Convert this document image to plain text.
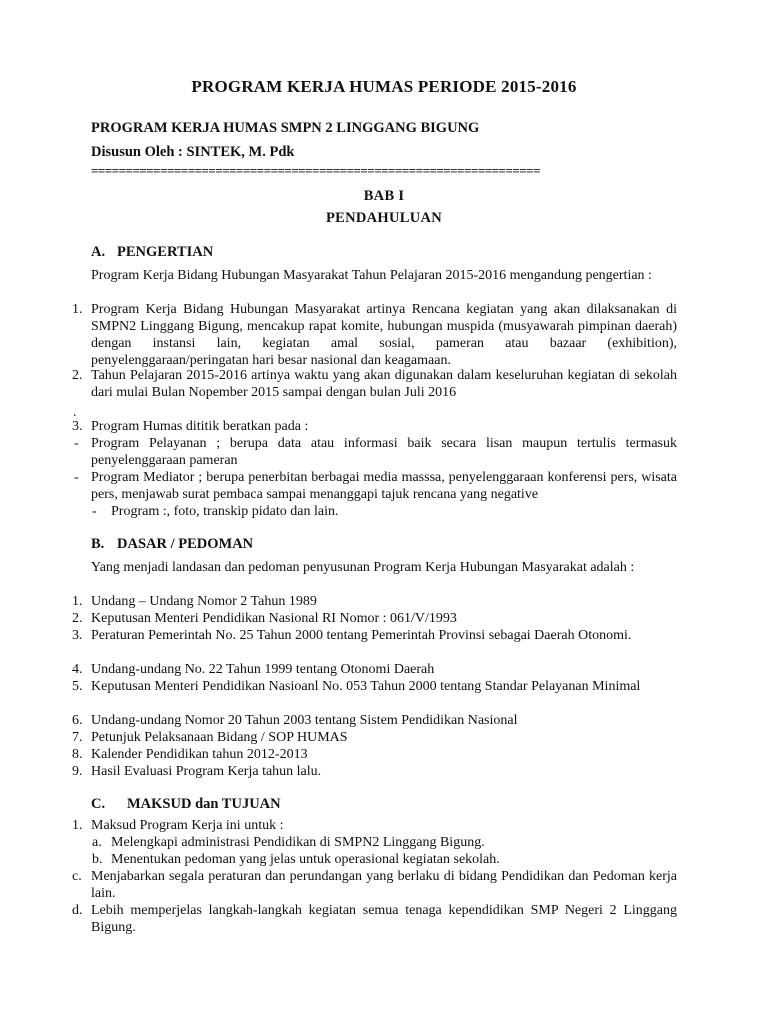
PROGRAM KERJA HUMAS PERIODE 2015-2016
PROGRAM KERJA HUMAS SMPN 2 LINGGANG BIGUNG
Disusun Oleh : SINTEK, M. Pdk
=================================================================
BAB I
PENDAHULUAN
A. PENGERTIAN
Program Kerja Bidang Hubungan Masyarakat Tahun Pelajaran 2015-2016 mengandung pengertian :
1. Program Kerja Bidang Hubungan Masyarakat artinya Rencana kegiatan yang akan dilaksanakan di SMPN2 Linggang Bigung, mencakup rapat komite, hubungan muspida (musyawarah pimpinan daerah) dengan instansi lain, kegiatan amal sosial, pameran atau bazaar (exhibition), penyelenggaraan/peringatan hari besar nasional dan keagamaan.
2. Tahun Pelajaran 2015-2016 artinya waktu yang akan digunakan dalam keseluruhan kegiatan di sekolah dari mulai Bulan Nopember 2015 sampai dengan bulan Juli 2016
.
3. Program Humas dititik beratkan pada :
- Program Pelayanan ; berupa data atau informasi baik secara lisan maupun tertulis termasuk penyelenggaraan pameran
- Program Mediator ; berupa penerbitan berbagai media masssa, penyelenggaraan konferensi pers, wisata pers, menjawab surat pembaca sampai menanggapi tajuk rencana yang negative
- Program :, foto, transkip pidato dan lain.
B. DASAR / PEDOMAN
Yang menjadi landasan dan pedoman penyusunan Program Kerja Hubungan Masyarakat adalah :
1. Undang – Undang Nomor 2 Tahun 1989
2. Keputusan Menteri Pendidikan Nasional RI Nomor : 061/V/1993
3. Peraturan Pemerintah No. 25 Tahun 2000 tentang Pemerintah Provinsi sebagai Daerah Otonomi.
4. Undang-undang No. 22 Tahun 1999 tentang Otonomi Daerah
5. Keputusan Menteri Pendidikan Nasioanl No. 053 Tahun 2000 tentang Standar Pelayanan Minimal
6. Undang-undang Nomor 20 Tahun 2003 tentang Sistem Pendidikan Nasional
7. Petunjuk Pelaksanaan Bidang / SOP HUMAS
8. Kalender Pendidikan tahun 2012-2013
9. Hasil Evaluasi Program Kerja tahun lalu.
C. MAKSUD dan TUJUAN
1. Maksud Program Kerja ini untuk :
a. Melengkapi administrasi Pendidikan di SMPN2 Linggang Bigung.
b. Menentukan pedoman yang jelas untuk operasional kegiatan sekolah.
c. Menjabarkan segala peraturan dan perundangan yang berlaku di bidang Pendidikan dan Pedoman kerja lain.
d. Lebih memperjelas langkah-langkah kegiatan semua tenaga kependidikan SMP Negeri 2 Linggang Bigung.
